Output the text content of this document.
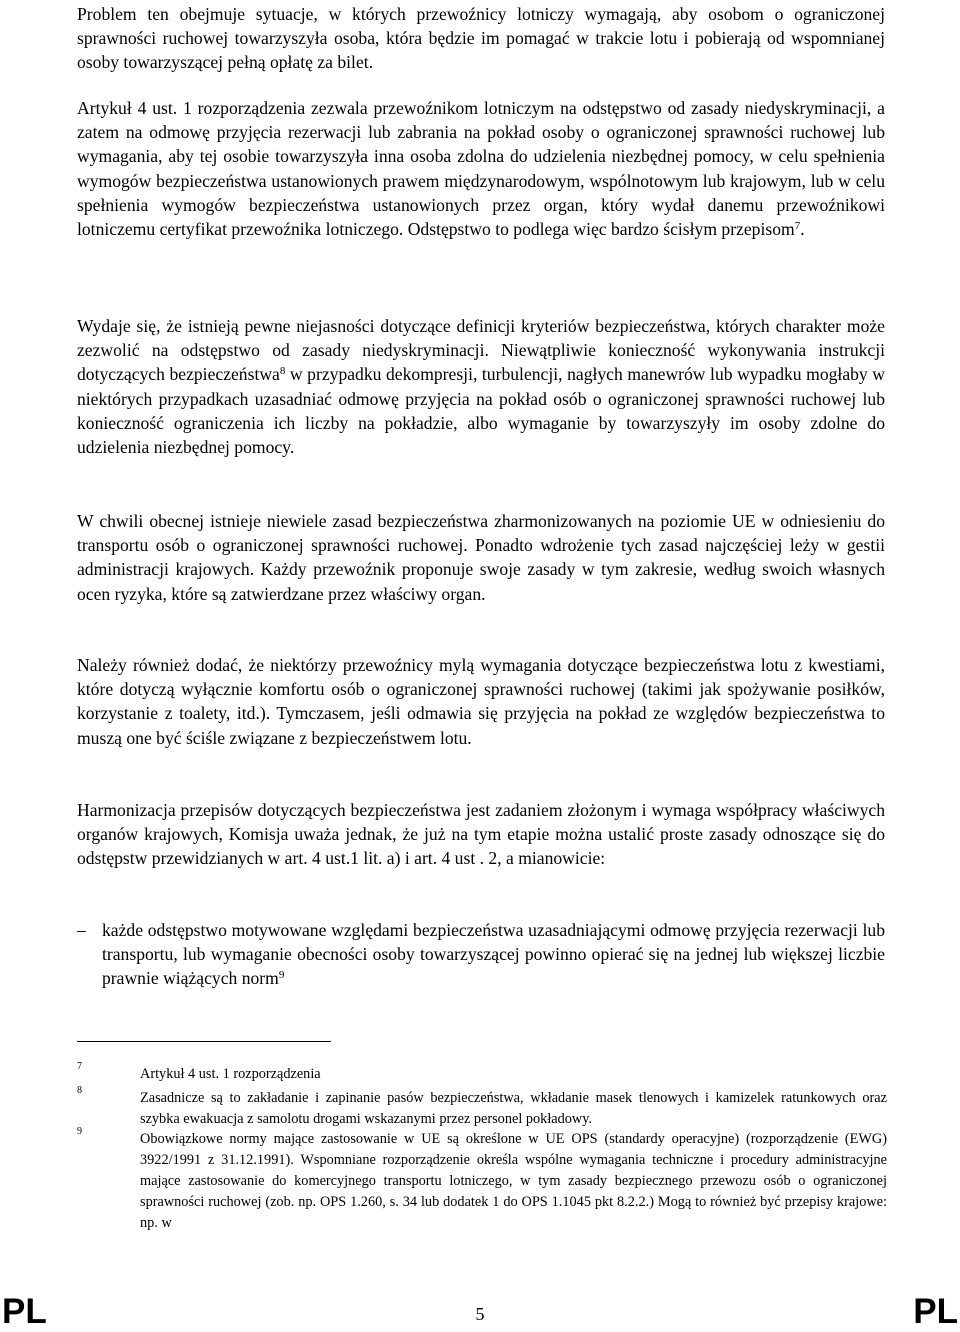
Problem ten obejmuje sytuacje, w których przewoźnicy lotniczy wymagają, aby osobom o ograniczonej sprawności ruchowej towarzyszyła osoba, która będzie im pomagać w trakcie lotu i pobierają od wspomnianej osoby towarzyszącej pełną opłatę za bilet.

Artykuł 4 ust. 1 rozporządzenia zezwala przewoźnikom lotniczym na odstępstwo od zasady niedyskryminacji, a zatem na odmowę przyjęcia rezerwacji lub zabrania na pokład osoby o ograniczonej sprawności ruchowej lub wymagania, aby tej osobie towarzyszyła inna osoba zdolna do udzielenia niezbędnej pomocy, w celu spełnienia wymogów bezpieczeństwa ustanowionych prawem międzynarodowym, wspólnotowym lub krajowym, lub w celu spełnienia wymogów bezpieczeństwa ustanowionych przez organ, który wydał danemu przewoźnikowi lotniczemu certyfikat przewoźnika lotniczego. Odstępstwo to podlega więc bardzo ścisłym przepisom$^7$.

Wydaje się, że istnieją pewne niejasności dotyczące definicji kryteriów bezpieczeństwa, których charakter może zezwolić na odstępstwo od zasady niedyskryminacji. Niewątpliwie konieczność wykonywania instrukcji dotyczących bezpieczeństwa$^8$ w przypadku dekompresji, turbulencji, nagłych manewrów lub wypadku mogłaby w niektórych przypadkach uzasadniać odmowę przyjęcia na pokład osób o ograniczonej sprawności ruchowej lub konieczność ograniczenia ich liczby na pokładzie, albo wymaganie by towarzyszyły im osoby zdolne do udzielenia niezbędnej pomocy.

W chwili obecnej istnieje niewiele zasad bezpieczeństwa zharmonizowanych na poziomie UE w odniesieniu do transportu osób o ograniczonej sprawności ruchowej. Ponadto wdrożenie tych zasad najczęściej leży w gestii administracji krajowych. Każdy przewoźnik proponuje swoje zasady w tym zakresie, według swoich własnych ocen ryzyka, które są zatwierdzane przez właściwy organ.

Należy również dodać, że niektórzy przewoźnicy mylą wymagania dotyczące bezpieczeństwa lotu z kwestiami, które dotyczą wyłącznie komfortu osób o ograniczonej sprawności ruchowej (takimi jak spożywanie posiłków, korzystanie z toalety, itd.). Tymczasem, jeśli odmawia się przyjęcia na pokład ze względów bezpieczeństwa to muszą one być ściśle związane z bezpieczeństwem lotu.

Harmonizacja przepisów dotyczących bezpieczeństwa jest zadaniem złożonym i wymaga współpracy właściwych organów krajowych, Komisja uważa jednak, że już na tym etapie można ustalić proste zasady odnoszące się do odstępstw przewidzianych w art. 4 ust.1 lit. a) i art. 4 ust . 2, a mianowicie:

– każde odstępstwo motywowane względami bezpieczeństwa uzasadniającymi odmowę przyjęcia rezerwacji lub transportu, lub wymaganie obecności osoby towarzyszącej powinno opierać się na jednej lub większej liczbie prawnie wiążących norm$^9$
7	Artykuł 4 ust. 1 rozporządzenia
8	Zasadnicze są to zakładanie i zapinanie pasów bezpieczeństwa, wkładanie masek tlenowych i kamizelek ratunkowych oraz szybka ewakuacja z samolotu drogami wskazanymi przez personel pokładowy.
9	Obowiązkowe normy mające zastosowanie w UE są określone w UE OPS (standardy operacyjne) (rozporządzenie (EWG) 3922/1991 z 31.12.1991). Wspomniane rozporządzenie określa wspólne wymagania techniczne i procedury administracyjne mające zastosowanie do komercyjnego transportu lotniczego, w tym zasady bezpiecznego przewozu osób o ograniczonej sprawności ruchowej (zob. np. OPS 1.260, s. 34 lub dodatek 1 do OPS 1.1045 pkt 8.2.2.) Mogą to również być przepisy krajowe: np. w
PL	5	PL
